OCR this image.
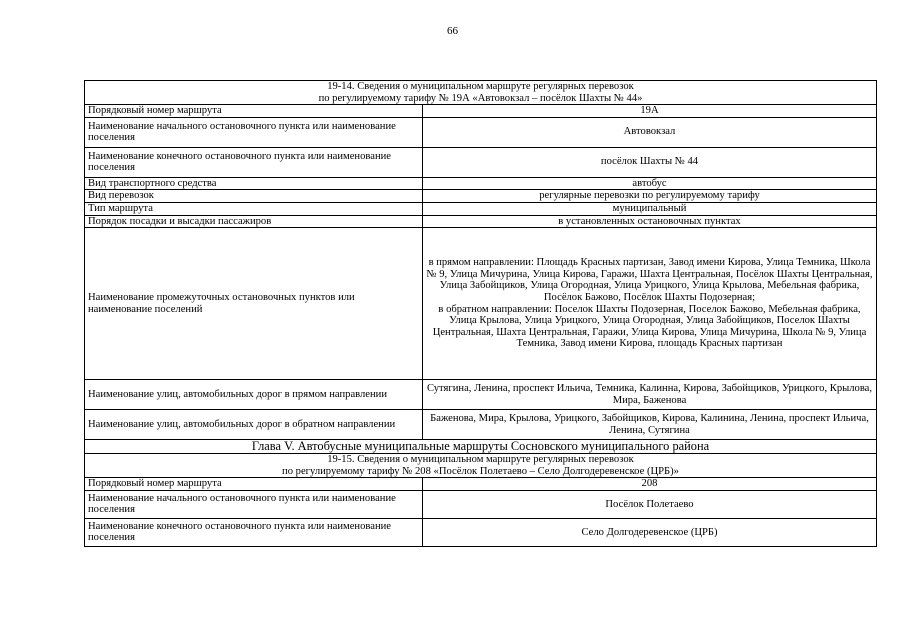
66
19-14. Сведения о муниципальном маршруте регулярных перевозок
по регулируемому тарифу № 19А «Автовокзал – посёлок Шахты № 44»	

Порядковый номер маршрута	19А
Наименование начального остановочного пункта или наименование поселения	Автовокзал
Наименование конечного остановочного пункта или наименование поселения	посёлок Шахты № 44
Вид транспортного средства	автобус
Вид перевозок	регулярные перевозки по регулируемому тарифу
Тип маршрута	муниципальный
Порядок посадки и высадки пассажиров	в установленных остановочных пунктах
Наименование промежуточных остановочных пунктов или наименование поселений	в прямом направлении: Площадь Красных партизан, Завод имени Кирова, Улица Темника, Школа № 9, Улица Мичурина, Улица Кирова, Гаражи, Шахта Центральная, Посёлок Шахты Центральная, Улица Забойщиков, Улица Огородная, Улица Урицкого, Улица Крылова, Мебельная фабрика, Посёлок Бажово, Посёлок Шахты Подозерная;
в обратном направлении: Поселок Шахты Подозерная, Поселок Бажово, Мебельная фабрика, Улица Крылова, Улица Урицкого, Улица Огородная, Улица Забойщиков, Поселок Шахты Центральная, Шахта Центральная, Гаражи, Улица Кирова, Улица Мичурина, Школа № 9, Улица Темника, Завод имени Кирова, площадь Красных партизан

Наименование улиц, автомобильных дорог в прямом направлении	Сутягина, Ленина, проспект Ильича, Темника, Калинна, Кирова, Забойщиков, Урицкого, Крылова, Мира, Баженова
Наименование улиц, автомобильных дорог в обратном направлении	Баженова, Мира, Крылова, Урицкого, Забойщиков, Кирова, Калинина, Ленина, проспект Ильича, Ленина, Сутягина
Глава V. Автобусные муниципальные маршруты Сосновского муниципального района	

19-15. Сведения о муниципальном маршруте регулярных перевозок
по регулируемому тарифу № 208 «Посёлок Полетаево – Село Долгодеревенское (ЦРБ)»	

Порядковый номер маршрута	208
Наименование начального остановочного пункта или наименование поселения	Посёлок Полетаево
Наименование конечного остановочного пункта или наименование поселения	Село Долгодеревенское (ЦРБ)
